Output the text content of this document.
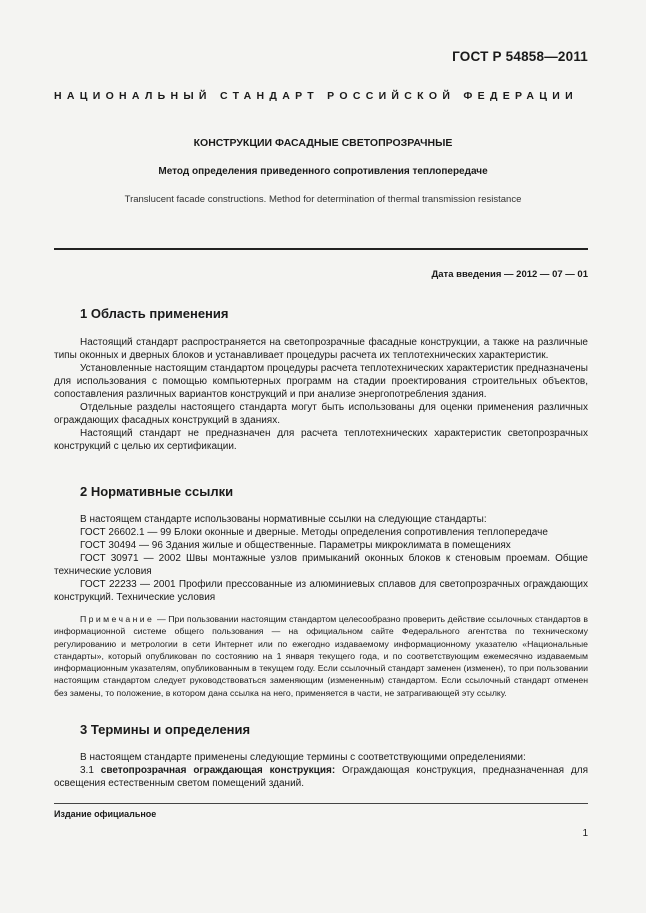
ГОСТ Р 54858—2011
НАЦИОНАЛЬНЫЙ СТАНДАРТ РОССИЙСКОЙ ФЕДЕРАЦИИ
КОНСТРУКЦИИ ФАСАДНЫЕ СВЕТОПРОЗРАЧНЫЕ
Метод определения приведенного сопротивления теплопередаче
Translucent facade constructions. Method for determination of thermal transmission resistance
Дата введения — 2012 — 07 — 01
1 Область применения

Настоящий стандарт распространяется на светопрозрачные фасадные конструкции, а также на различные типы оконных и дверных блоков и устанавливает процедуры расчета их теплотехнических характеристик.

Установленные настоящим стандартом процедуры расчета теплотехнических характеристик предназначены для использования с помощью компьютерных программ на стадии проектирования строительных объектов, сопоставления различных вариантов конструкций и при анализе энергопотребления здания.

Отдельные разделы настоящего стандарта могут быть использованы для оценки применения различных ограждающих фасадных конструкций в зданиях.

Настоящий стандарт не предназначен для расчета теплотехнических характеристик светопрозрачных конструкций с целью их сертификации.

2 Нормативные ссылки

В настоящем стандарте использованы нормативные ссылки на следующие стандарты:

ГОСТ 26602.1 — 99 Блоки оконные и дверные. Методы определения сопротивления теплопередаче

ГОСТ 30494 — 96 Здания жилые и общественные. Параметры микроклимата в помещениях

ГОСТ 30971 — 2002 Швы монтажные узлов примыканий оконных блоков к стеновым проемам. Общие технические условия

ГОСТ 22233 — 2001 Профили прессованные из алюминиевых сплавов для светопрозрачных ограждающих конструкций. Технические условия

Примечание — При пользовании настоящим стандартом целесообразно проверить действие ссылочных стандартов в информационной системе общего пользования — на официальном сайте Федерального агентства по техническому регулированию и метрологии в сети Интернет или по ежегодно издаваемому информационному указателю «Национальные стандарты», который опубликован по состоянию на 1 января текущего года, и по соответствующим ежемесячно издаваемым информационным указателям, опубликованным в текущем году. Если ссылочный стандарт заменен (изменен), то при пользовании настоящим стандартом следует руководствоваться заменяющим (измененным) стандартом. Если ссылочный стандарт отменен без замены, то положение, в котором дана ссылка на него, применяется в части, не затрагивающей эту ссылку.

3 Термины и определения

В настоящем стандарте применены следующие термины с соответствующими определениями:

3.1 светопрозрачная ограждающая конструкция: Ограждающая конструкция, предназначенная для освещения естественным светом помещений зданий.

Издание официальное
1
